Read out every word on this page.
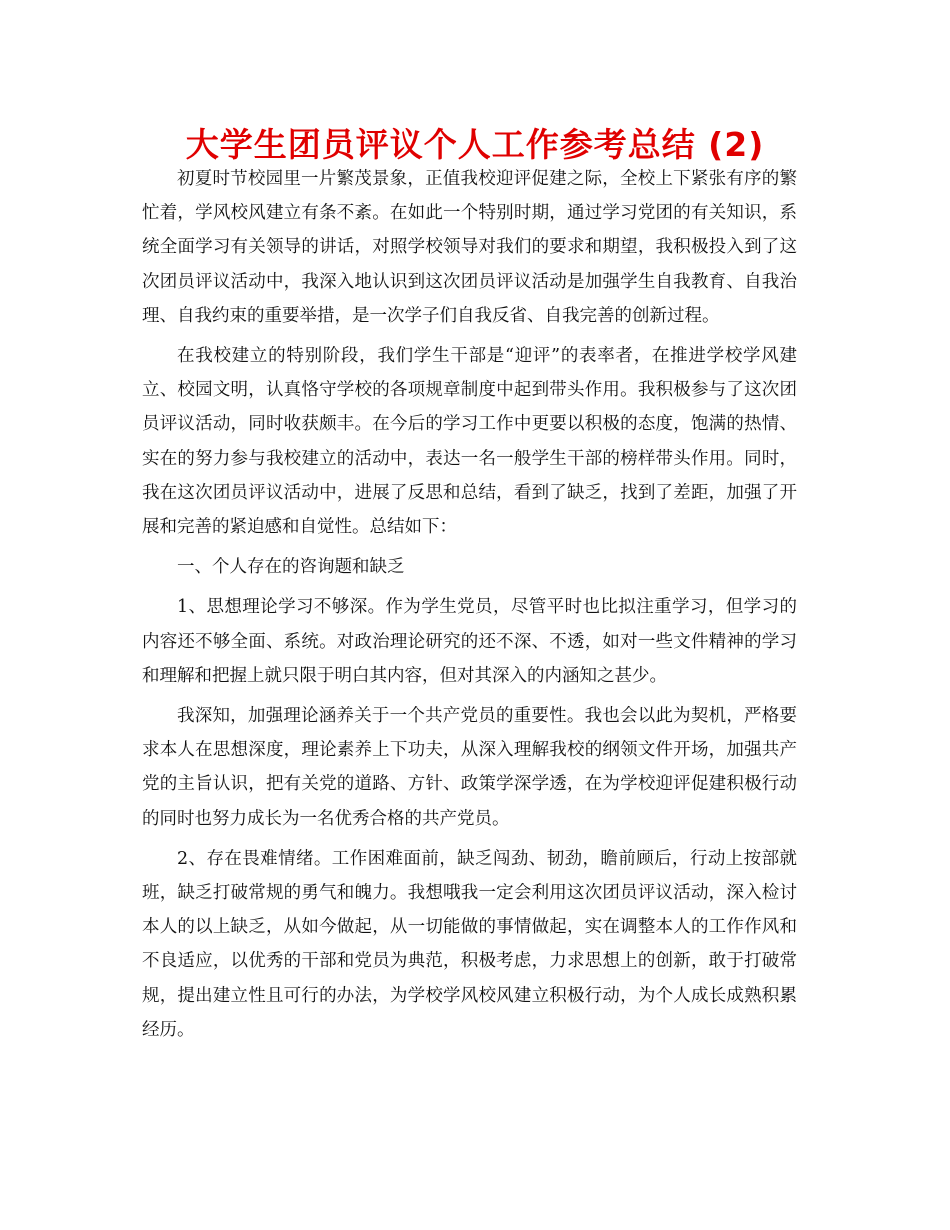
大学生团员评议个人工作参考总结 (2)

初夏时节校园里一片繁茂景象，正值我校迎评促建之际，全校上下紧张有序的繁忙着，学风校风建立有条不紊。在如此一个特别时期，通过学习党团的有关知识，系统全面学习有关领导的讲话，对照学校领导对我们的要求和期望，我积极投入到了这次团员评议活动中，我深入地认识到这次团员评议活动是加强学生自我教育、自我治理、自我约束的重要举措，是一次学子们自我反省、自我完善的创新过程。

在我校建立的特别阶段，我们学生干部是“迎评”的表率者，在推进学校学风建立、校园文明，认真恪守学校的各项规章制度中起到带头作用。我积极参与了这次团员评议活动，同时收获颇丰。在今后的学习工作中更要以积极的态度，饱满的热情、实在的努力参与我校建立的活动中，表达一名一般学生干部的榜样带头作用。同时，我在这次团员评议活动中，进展了反思和总结，看到了缺乏，找到了差距，加强了开展和完善的紧迫感和自觉性。总结如下：

一、个人存在的咨询题和缺乏

1、思想理论学习不够深。作为学生党员，尽管平时也比拟注重学习，但学习的内容还不够全面、系统。对政治理论研究的还不深、不透，如对一些文件精神的学习和理解和把握上就只限于明白其内容，但对其深入的内涵知之甚少。

我深知，加强理论涵养关于一个共产党员的重要性。我也会以此为契机，严格要求本人在思想深度，理论素养上下功夫，从深入理解我校的纲领文件开场，加强共产党的主旨认识，把有关党的道路、方针、政策学深学透，在为学校迎评促建积极行动的同时也努力成长为一名优秀合格的共产党员。

2、存在畏难情绪。工作困难面前，缺乏闯劲、韧劲，瞻前顾后，行动上按部就班，缺乏打破常规的勇气和魄力。我想哦我一定会利用这次团员评议活动，深入检讨本人的以上缺乏，从如今做起，从一切能做的事情做起，实在调整本人的工作作风和不良适应，以优秀的干部和党员为典范，积极考虑，力求思想上的创新，敢于打破常规，提出建立性且可行的办法，为学校学风校风建立积极行动，为个人成长成熟积累经历。
